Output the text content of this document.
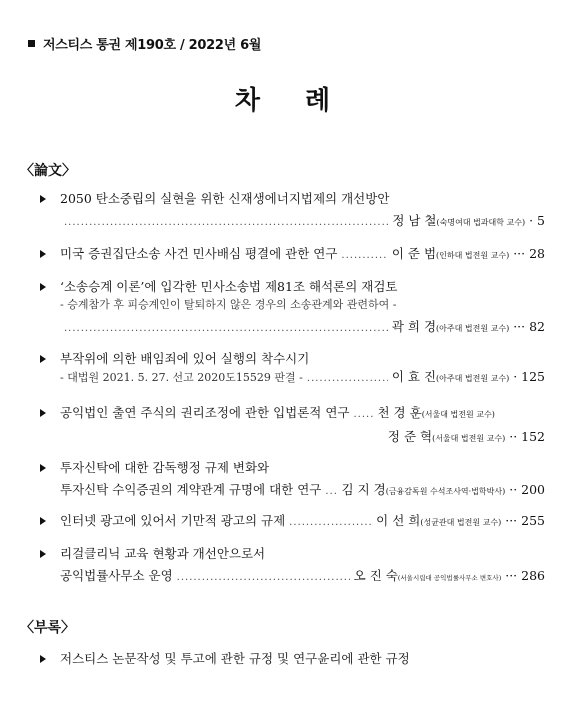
저스티스 통권 제190호 / 2022년 6월
차 례
〈論文〉
2050 탄소중립의 실현을 위한 신재생에너지법제의 개선방안
.....
정 남 철(숙명여대 법과대학 교수) · 5
미국 증권집단소송 사건 민사배심 평결에 관한 연구 .....	이 준 범(인하대 법전원 교수) ··· 28
‘소송승계 이론’에 입각한 민사소송법 제81조 해석론의 재검토
- 승계참가 후 피승계인이 탈퇴하지 않은 경우의 소송관계와 관련하여 -
.....
곽 희 경(아주대 법전원 교수) ··· 82
부작위에 의한 배임죄에 있어 실행의 착수시기
- 대법원 2021. 5. 27. 선고 2020도15529 판결 - .....	이 효 진(아주대 법전원 교수) · 125
공익법인 출연 주식의 권리조정에 관한 입법론적 연구 ..... 천 경 훈(서울대 법전원 교수)
정 준 혁(서울대 법전원 교수) ·· 152
투자신탁에 대한 감독행정 규제 변화와
투자신탁 수익증권의 계약관계 규명에 대한 연구 ..... 김 지 경(금융감독원 수석조사역·법학박사) ·· 200
인터넷 광고에 있어서 기만적 광고의 규제 .....	이 선 희(성균관대 법전원 교수) ··· 255
리걸클리닉 교육 현황과 개선안으로서
공익법률사무소 운영 .....	오 진 숙(서울시립대 공익법률사무소 변호사) ··· 286
〈부록〉
저스티스 논문작성 및 투고에 관한 규정 및 연구윤리에 관한 규정
